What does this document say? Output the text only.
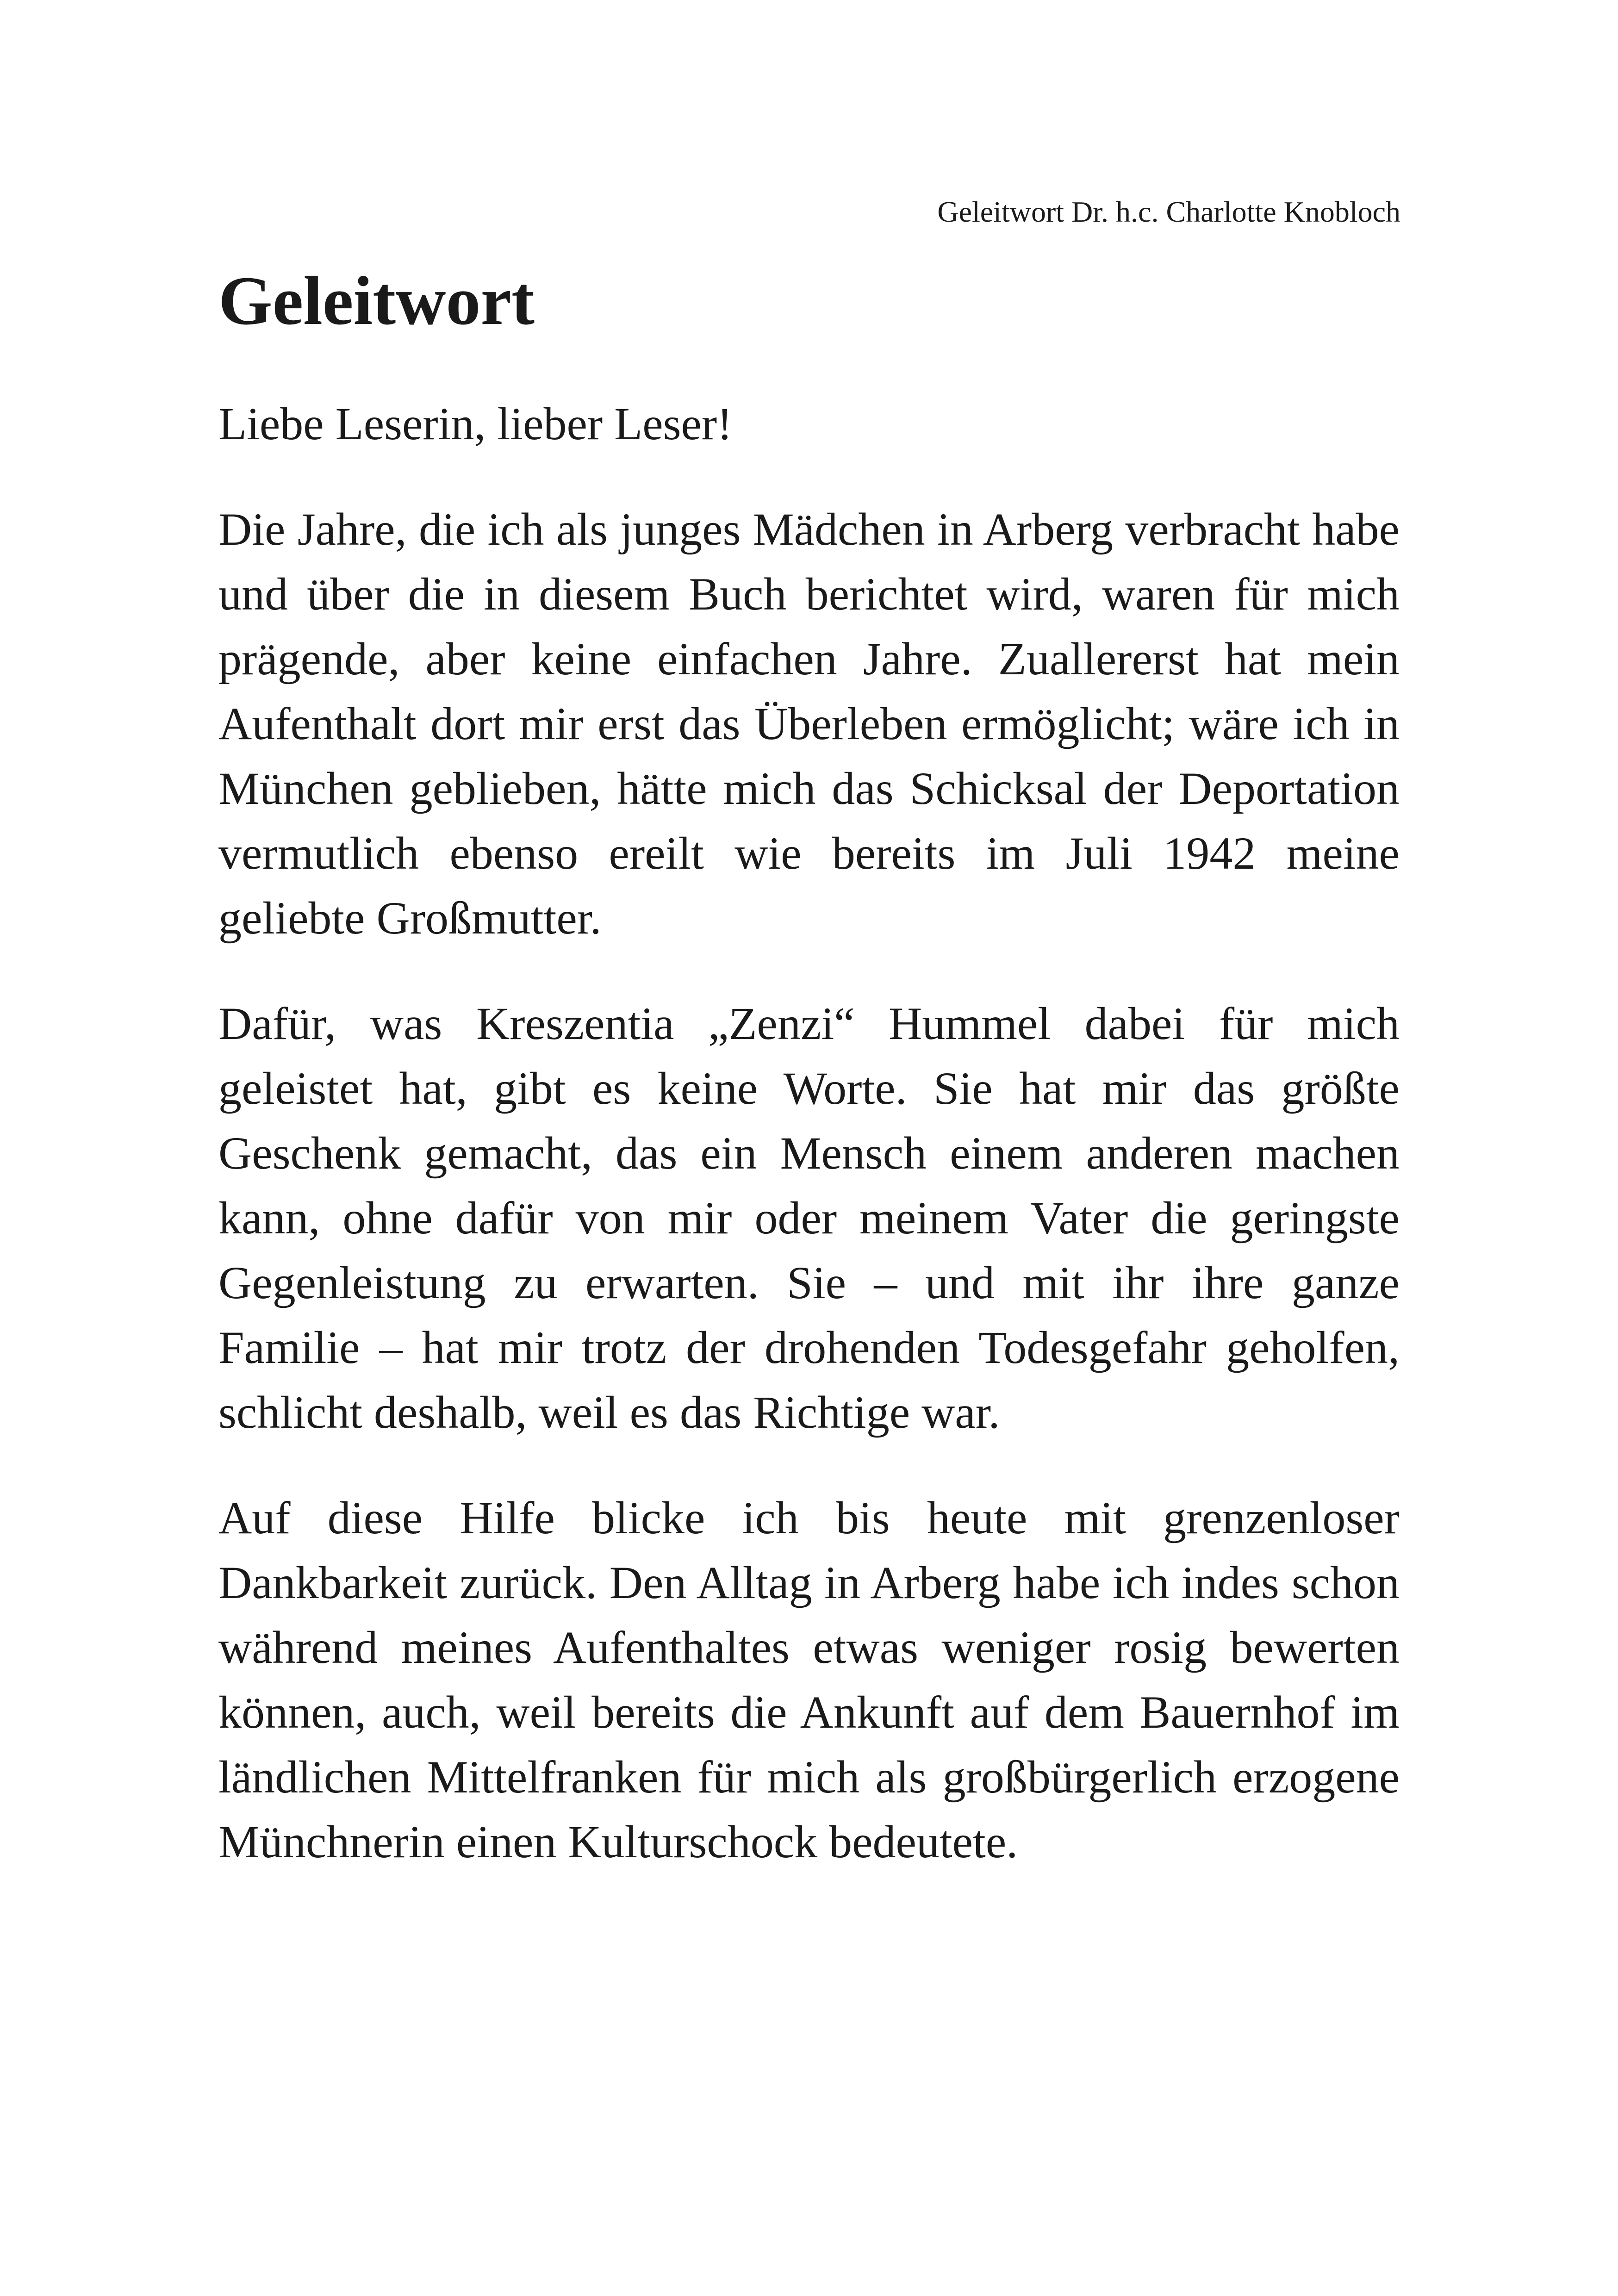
Geleitwort Dr. h.c. Charlotte Knobloch
Geleitwort

Liebe Leserin, lieber Leser!

Die Jahre, die ich als junges Mädchen in Arberg verbracht habe und über die in diesem Buch berichtet wird, waren für mich prägende, aber keine einfachen Jahre. Zuallererst hat mein Aufenthalt dort mir erst das Überleben ermöglicht; wäre ich in München geblieben, hätte mich das Schicksal der Deportation vermutlich ebenso ereilt wie bereits im Juli 1942 meine geliebte Großmutter.

Dafür, was Kreszentia „Zenzi“ Hummel dabei für mich geleistet hat, gibt es keine Worte. Sie hat mir das größte Geschenk gemacht, das ein Mensch einem anderen machen kann, ohne dafür von mir oder meinem Vater die geringste Gegenleistung zu erwarten. Sie – und mit ihr ihre ganze Familie – hat mir trotz der drohenden Todesgefahr geholfen, schlicht deshalb, weil es das Richtige war.

Auf diese Hilfe blicke ich bis heute mit grenzenloser Dankbarkeit zurück. Den Alltag in Arberg habe ich indes schon während meines Aufenthaltes etwas weniger rosig bewerten können, auch, weil bereits die Ankunft auf dem Bauernhof im ländlichen Mittelfranken für mich als großbürgerlich erzogene Münchnerin einen Kulturschock bedeutete.
